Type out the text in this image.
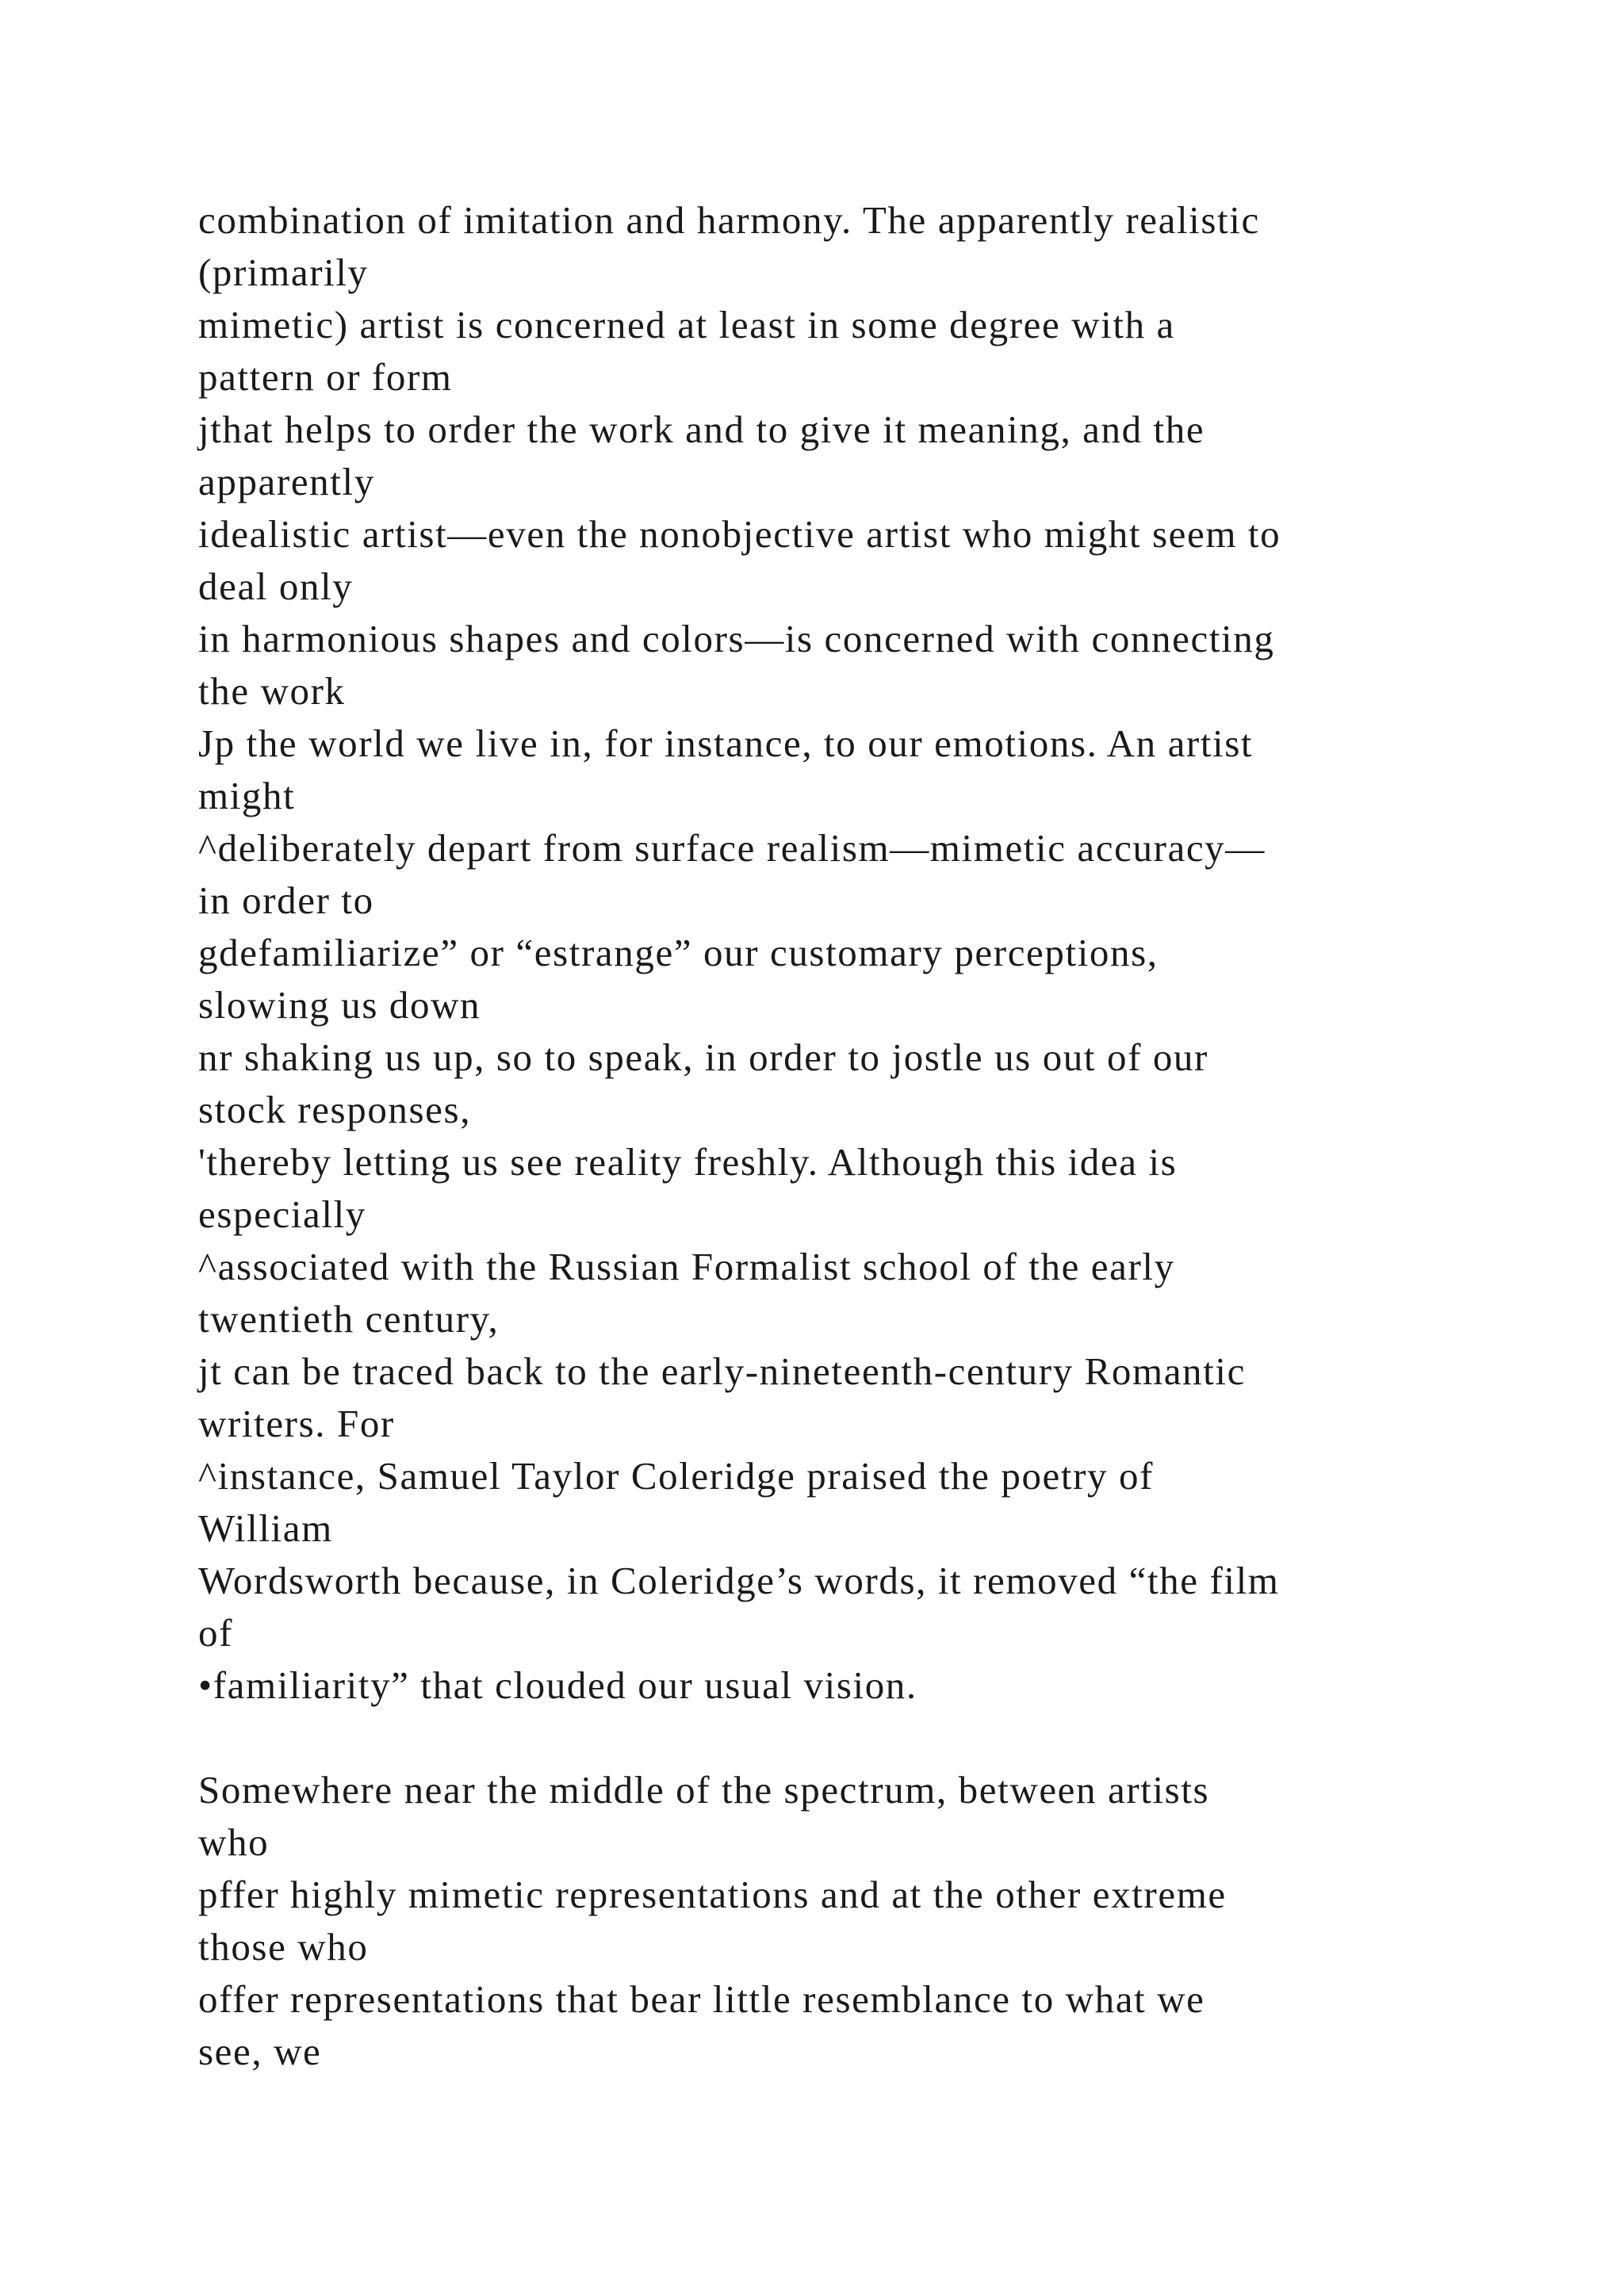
combination of imitation and harmony. The apparently realistic
(primarily
mimetic) artist is concerned at least in some degree with a
pattern or form
jthat helps to order the work and to give it meaning, and the
apparently
idealistic artist—even the nonobjective artist who might seem to
deal only
in harmonious shapes and colors—is concerned with connecting
the work
Jp the world we live in, for instance, to our emotions. An artist
might
^deliberately depart from surface realism—mimetic accuracy—
in order to
gdefamiliarize” or “estrange” our customary perceptions,
slowing us down
nr shaking us up, so to speak, in order to jostle us out of our
stock responses,
'thereby letting us see reality freshly. Although this idea is
especially
^associated with the Russian Formalist school of the early
twentieth century,
jt can be traced back to the early-nineteenth-century Romantic
writers. For
^instance, Samuel Taylor Coleridge praised the poetry of
William
Wordsworth because, in Coleridge’s words, it removed “the film
of
•familiarity” that clouded our usual vision.
Somewhere near the middle of the spectrum, between artists
who
pffer highly mimetic representations and at the other extreme
those who
offer representations that bear little resemblance to what we
see, we
